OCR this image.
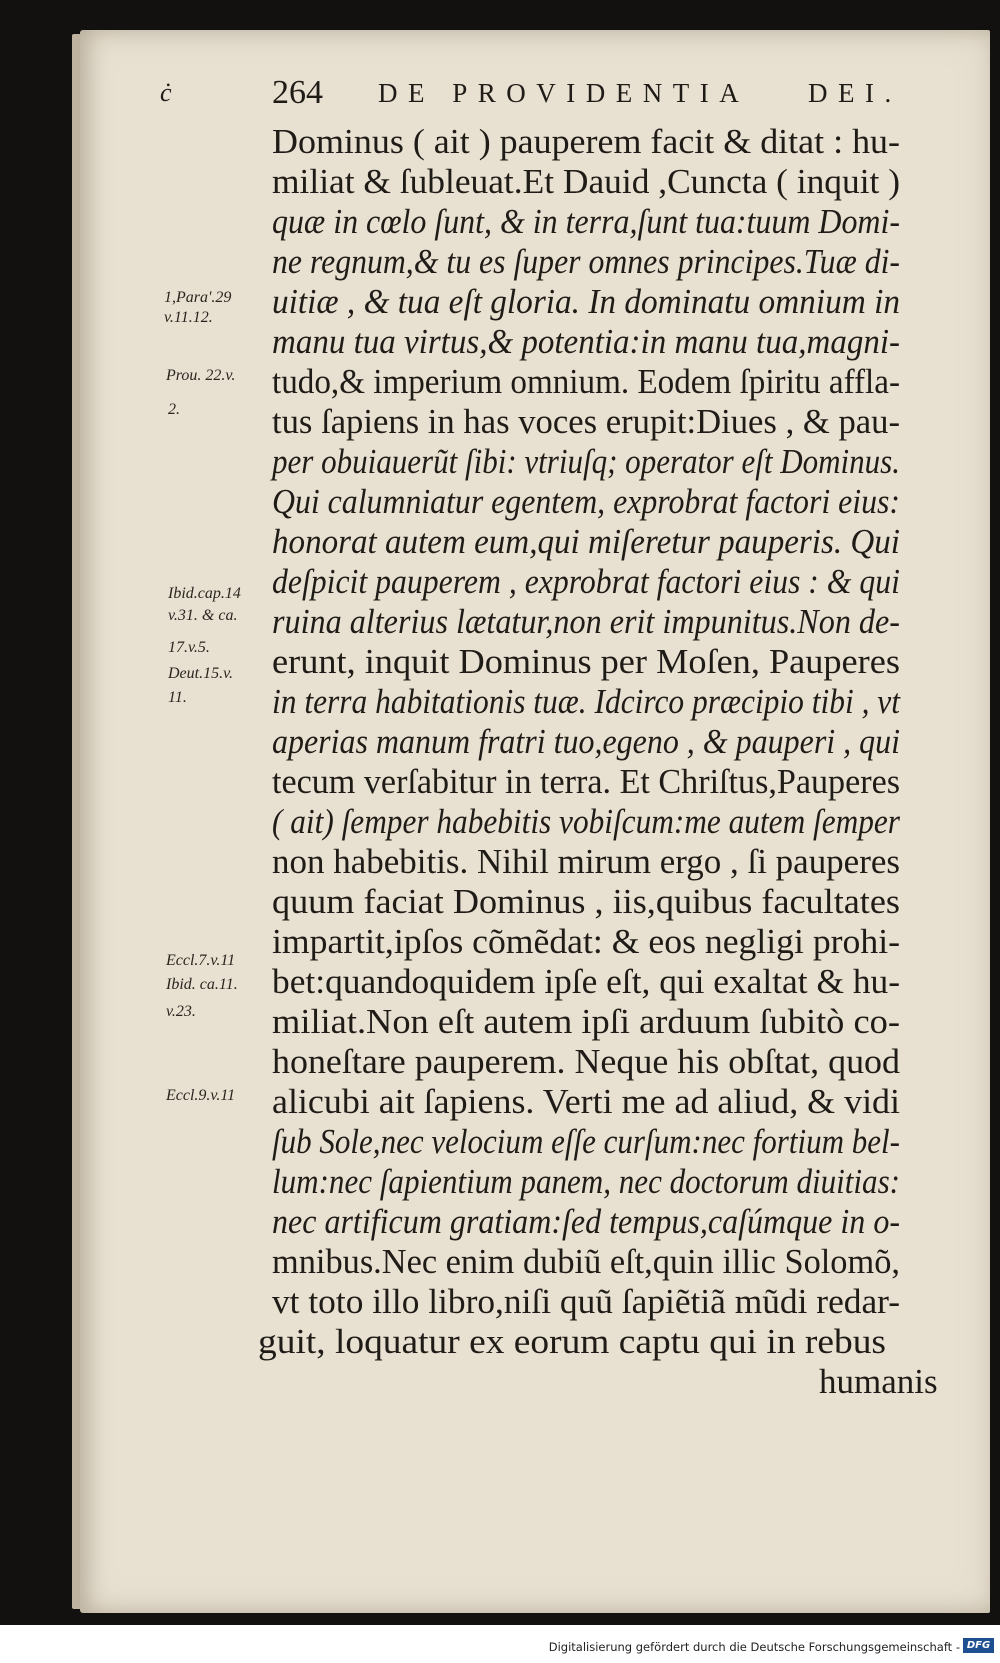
ċ	264 DE PROVIDENTIA DEI.
Dominus ( ait ) pauperem facit & ditat : hu-
miliat & ſubleuat.Et Dauid ,Cuncta ( inquit )
quæ in cœlo ſunt, & in terra,ſunt tua:tuum Domi-
ne regnum,& tu es ſuper omnes principes.Tuæ di-
uitiæ , & tua eſt gloria. In dominatu omnium in
manu tua virtus,& potentia:in manu tua,magni-
tudo,& imperium omnium. Eodem ſpiritu affla-
tus ſapiens in has voces erupit:Diues , & pau-
per obuiauerũt ſibi: vtriuſq; operator eſt Dominus.
Qui calumniatur egentem, exprobrat factori eius:
honorat autem eum,qui miſeretur pauperis. Qui
deſpicit pauperem , exprobrat factori eius : & qui
ruina alterius lætatur,non erit impunitus.Non de-
erunt, inquit Dominus per Moſen, Pauperes
in terra habitationis tuæ. Idcirco præcipio tibi , vt
aperias manum fratri tuo,egeno , & pauperi , qui
tecum verſabitur in terra. Et Chriſtus,Pauperes
( ait) ſemper habebitis vobiſcum:me autem ſemper
non habebitis. Nihil mirum ergo , ſi pauperes
quum faciat Dominus , iis,quibus facultates
impartit,ipſos cõmẽdat: & eos negligi prohi-
bet:quandoquidem ipſe eſt, qui exaltat & hu-
miliat.Non eſt autem ipſi arduum ſubitò co-
honeſtare pauperem. Neque his obſtat, quod
alicubi ait ſapiens. Verti me ad aliud, & vidi
ſub Sole,nec velocium eſſe curſum:nec fortium bel-
lum:nec ſapientium panem, nec doctorum diuitias:
nec artificum gratiam:ſed tempus,caſúmque in o-
mnibus.Nec enim dubiũ eſt,quin illic Solomõ,
vt toto illo libro,niſi quũ ſapiẽtiã mũdi redar-
guit, loquatur ex eorum captu qui in rebus
humanis
1,Para'.29
v.11.12.
Prou. 22.v.
2.
Ibid.cap.14
v.31. & ca.
17.v.5.
Deut.15.v.
11.
Eccl.7.v.11
Ibid. ca.11.
v.23.
Eccl.9.v.11
Digitalisierung gefördert durch die Deutsche Forschungsgemeinschaft - DFG
